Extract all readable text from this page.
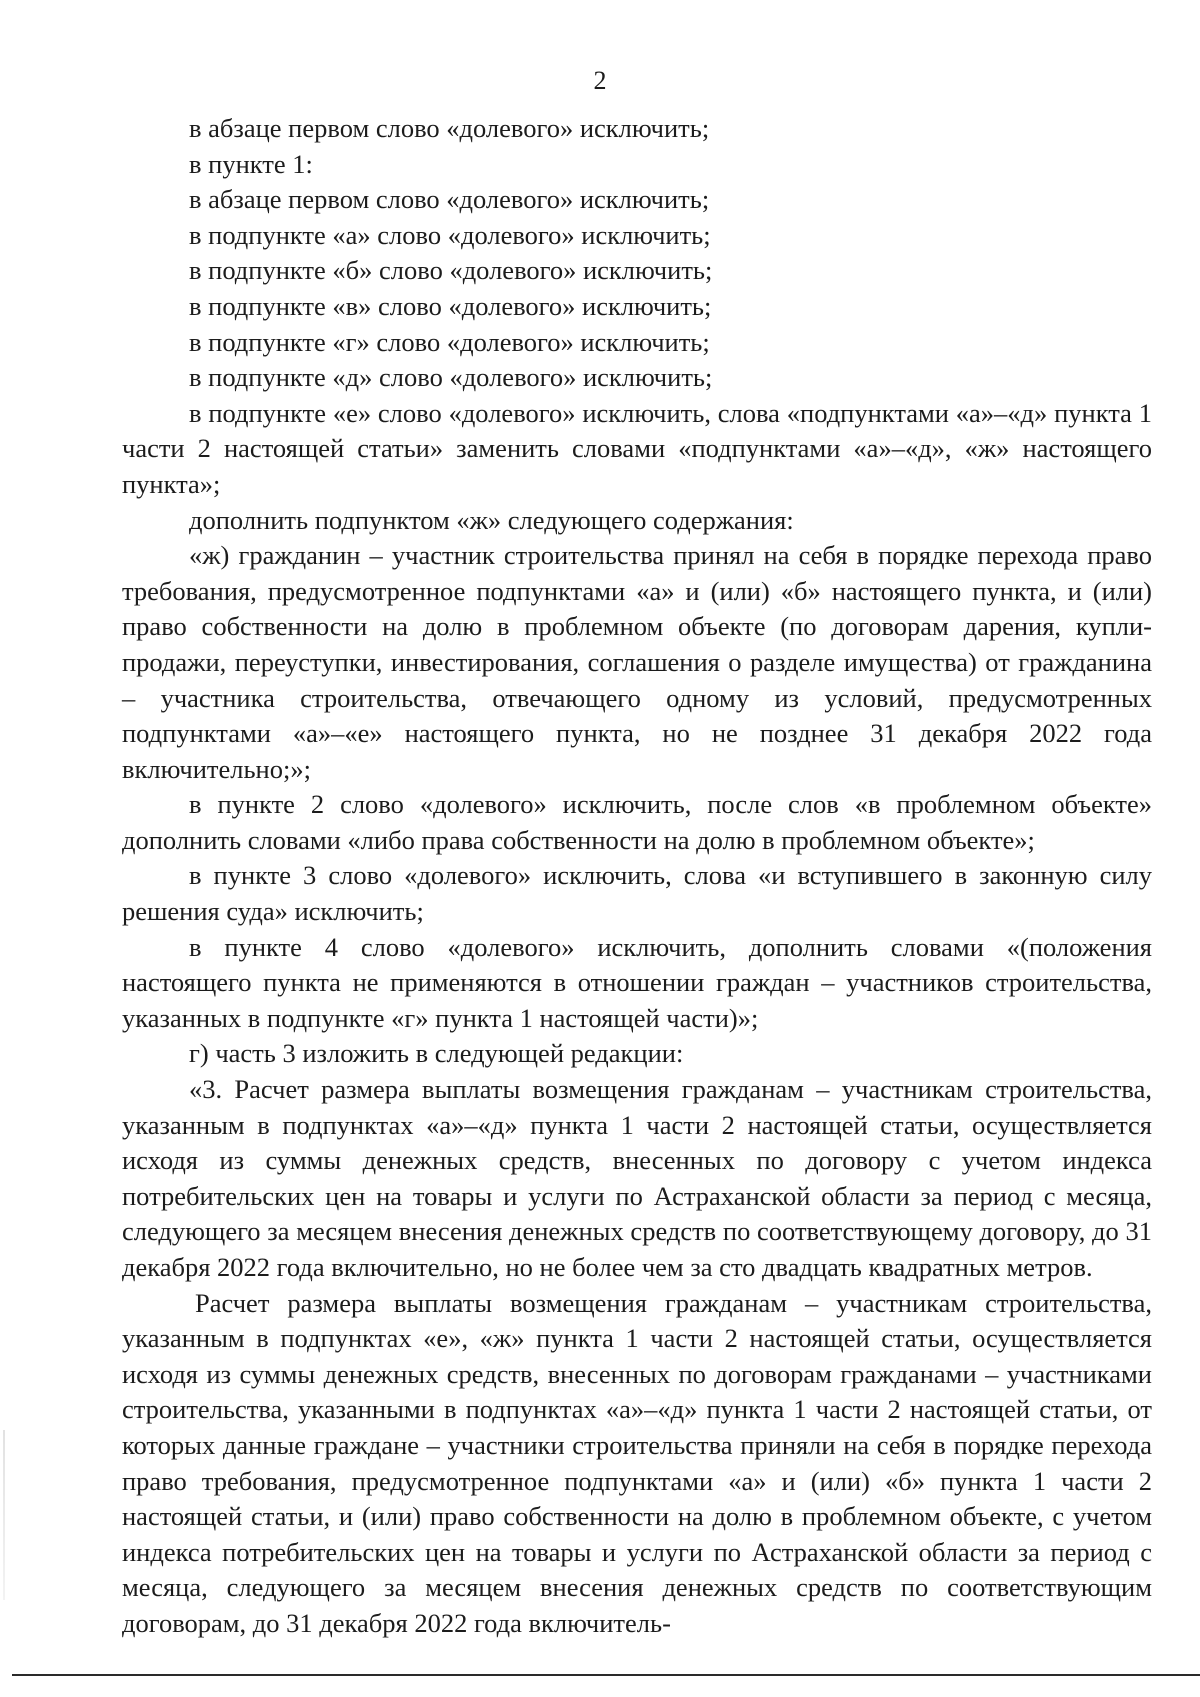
2

в абзаце первом слово «долевого» исключить;

в пункте 1:

в абзаце первом слово «долевого» исключить;

в подпункте «а» слово «долевого» исключить;

в подпункте «б» слово «долевого» исключить;

в подпункте «в» слово «долевого» исключить;

в подпункте «г» слово «долевого» исключить;

в подпункте «д» слово «долевого» исключить;

в подпункте «е» слово «долевого» исключить, слова «подпунктами «а»–«д» пункта 1 части 2 настоящей статьи» заменить словами «подпунктами «а»–«д», «ж» настоящего пункта»;

дополнить подпунктом «ж» следующего содержания:

«ж) гражданин – участник строительства принял на себя в порядке перехода право требования, предусмотренное подпунктами «а» и (или) «б» настоящего пункта, и (или) право собственности на долю в проблемном объекте (по договорам дарения, купли-продажи, переуступки, инвестирования, соглашения о разделе имущества) от гражданина – участника строительства, отвечающего одному из условий, предусмотренных подпунктами «а»–«е» настоящего пункта, но не позднее 31 декабря 2022 года включительно;»;

в пункте 2 слово «долевого» исключить, после слов «в проблемном объекте» дополнить словами «либо права собственности на долю в проблемном объекте»;

в пункте 3 слово «долевого» исключить, слова «и вступившего в законную силу решения суда» исключить;

в пункте 4 слово «долевого» исключить, дополнить словами «(положения настоящего пункта не применяются в отношении граждан – участников строительства, указанных в подпункте «г» пункта 1 настоящей части)»;

г) часть 3 изложить в следующей редакции:

«3. Расчет размера выплаты возмещения гражданам – участникам строительства, указанным в подпунктах «а»–«д» пункта 1 части 2 настоящей статьи, осуществляется исходя из суммы денежных средств, внесенных по договору с учетом индекса потребительских цен на товары и услуги по Астраханской области за период с месяца, следующего за месяцем внесения денежных средств по соответствующему договору, до 31 декабря 2022 года включительно, но не более чем за сто двадцать квадратных метров.

Расчет размера выплаты возмещения гражданам – участникам строительства, указанным в подпунктах «е», «ж» пункта 1 части 2 настоящей статьи, осуществляется исходя из суммы денежных средств, внесенных по договорам гражданами – участниками строительства, указанными в подпунктах «а»–«д» пункта 1 части 2 настоящей статьи, от которых данные граждане – участники строительства приняли на себя в порядке перехода право требования, предусмотренное подпунктами «а» и (или) «б» пункта 1 части 2 настоящей статьи, и (или) право собственности на долю в проблемном объекте, с учетом индекса потребительских цен на товары и услуги по Астраханской области за период с месяца, следующего за месяцем внесения денежных средств по соответствующим договорам, до 31 декабря 2022 года включитель-
